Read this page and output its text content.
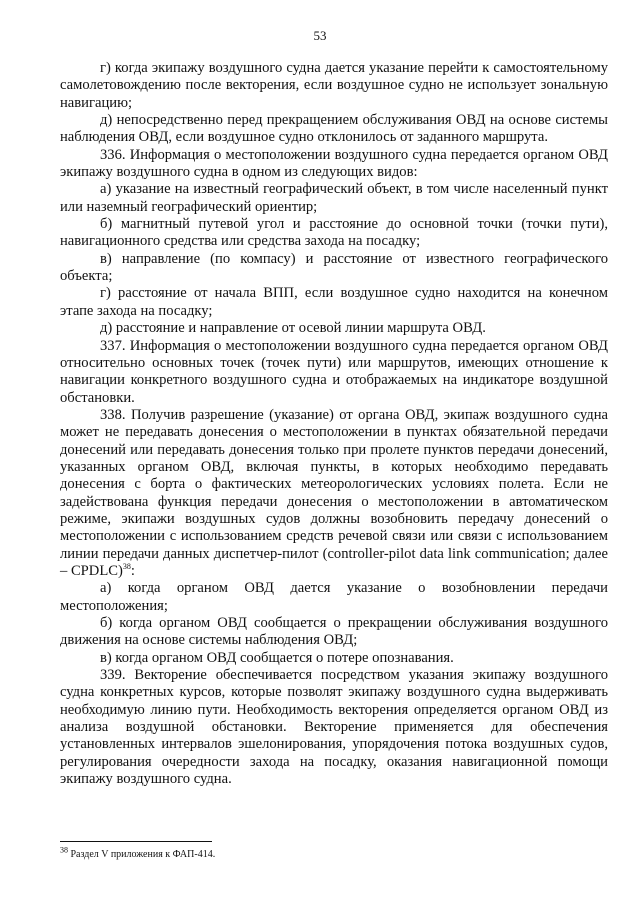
53

г) когда экипажу воздушного судна дается указание перейти к самостоятельному самолетовождению после векторения, если воздушное судно не использует зональную навигацию;

д) непосредственно перед прекращением обслуживания ОВД на основе системы наблюдения ОВД, если воздушное судно отклонилось от заданного маршрута.

336. Информация о местоположении воздушного судна передается органом ОВД экипажу воздушного судна в одном из следующих видов:

а) указание на известный географический объект, в том числе населенный пункт или наземный географический ориентир;

б) магнитный путевой угол и расстояние до основной точки (точки пути), навигационного средства или средства захода на посадку;

в) направление (по компасу) и расстояние от известного географического объекта;

г) расстояние от начала ВПП, если воздушное судно находится на конечном этапе захода на посадку;

д) расстояние и направление от осевой линии маршрута ОВД.

337. Информация о местоположении воздушного судна передается органом ОВД относительно основных точек (точек пути) или маршрутов, имеющих отношение к навигации конкретного воздушного судна и отображаемых на индикаторе воздушной обстановки.

338. Получив разрешение (указание) от органа ОВД, экипаж воздушного судна может не передавать донесения о местоположении в пунктах обязательной передачи донесений или передавать донесения только при пролете пунктов передачи донесений, указанных органом ОВД, включая пункты, в которых необходимо передавать донесения с борта о фактических метеорологических условиях полета. Если не задействована функция передачи донесения о местоположении в автоматическом режиме, экипажи воздушных судов должны возобновить передачу донесений о местоположении с использованием средств речевой связи или связи с использованием линии передачи данных диспетчер-пилот (controller-pilot data link communication; далее – CPDLC)$^{38}$:

а) когда органом ОВД дается указание о возобновлении передачи местоположения;

б) когда органом ОВД сообщается о прекращении обслуживания воздушного движения на основе системы наблюдения ОВД;

в) когда органом ОВД сообщается о потере опознавания.

339. Векторение обеспечивается посредством указания экипажу воздушного судна конкретных курсов, которые позволят экипажу воздушного судна выдерживать необходимую линию пути. Необходимость векторения определяется органом ОВД из анализа воздушной обстановки. Векторение применяется для обеспечения установленных интервалов эшелонирования, упорядочения потока воздушных судов, регулирования очередности захода на посадку, оказания навигационной помощи экипажу воздушного судна.

$^{38}$ Раздел V приложения к ФАП-414.
